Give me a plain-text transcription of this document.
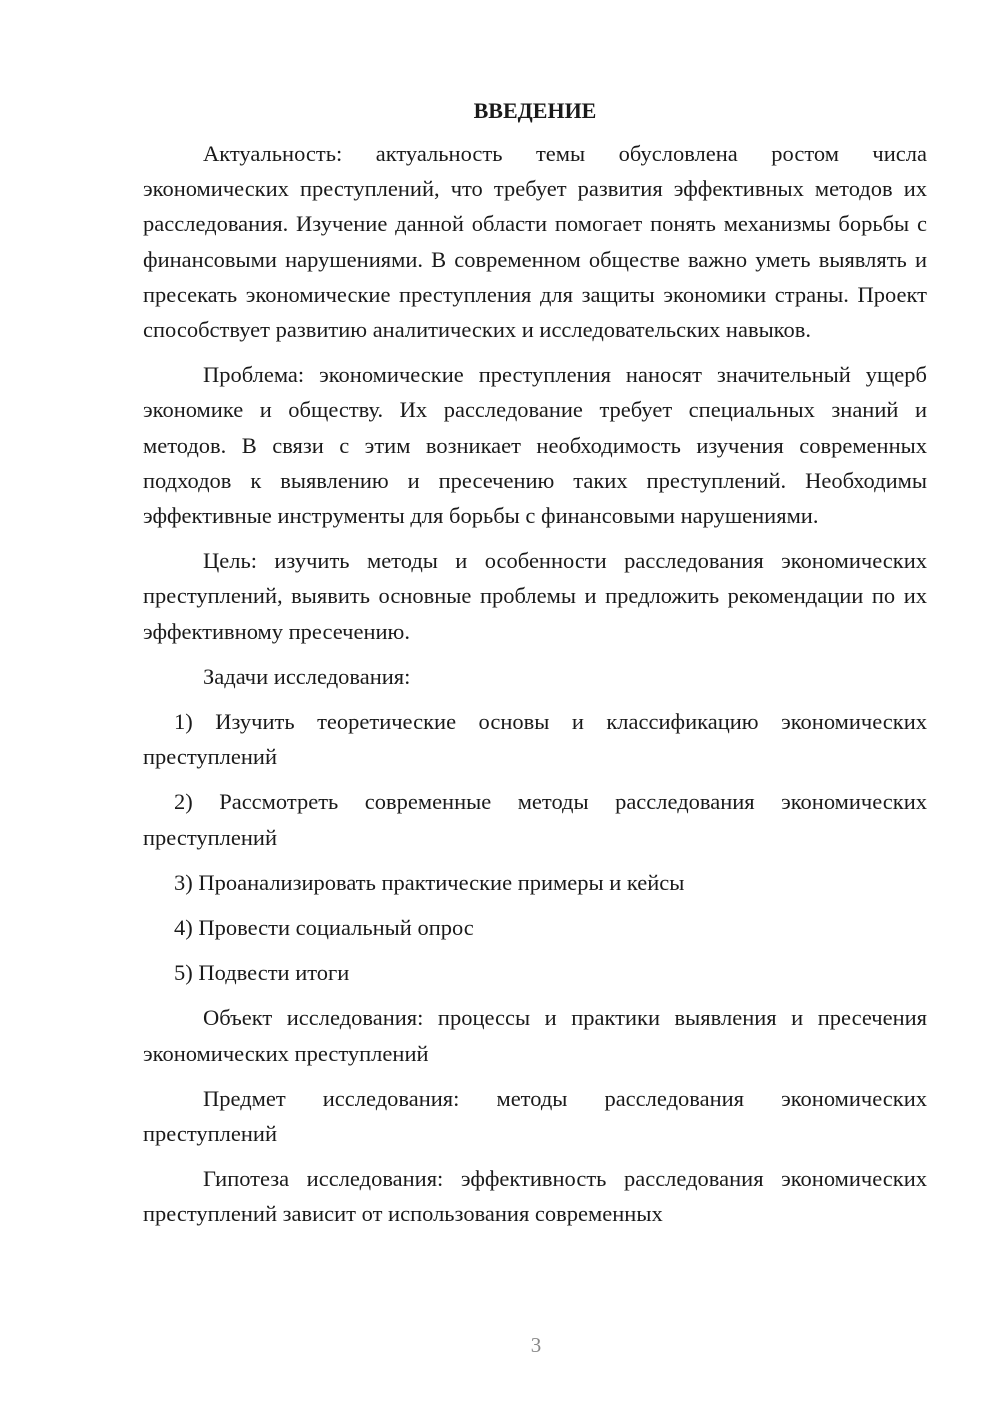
ВВЕДЕНИЕ

Актуальность: актуальность темы обусловлена ростом числа экономических преступлений, что требует развития эффективных методов их расследования. Изучение данной области помогает понять механизмы борьбы с финансовыми нарушениями. В современном обществе важно уметь выявлять и пресекать экономические преступления для защиты экономики страны. Проект способствует развитию аналитических и исследовательских навыков.

Проблема: экономические преступления наносят значительный ущерб экономике и обществу. Их расследование требует специальных знаний и методов. В связи с этим возникает необходимость изучения современных подходов к выявлению и пресечению таких преступлений. Необходимы эффективные инструменты для борьбы с финансовыми нарушениями.

Цель: изучить методы и особенности расследования экономических преступлений, выявить основные проблемы и предложить рекомендации по их эффективному пресечению.

Задачи исследования:

1) Изучить теоретические основы и классификацию экономических преступлений

2) Рассмотреть современные методы расследования экономических преступлений

3) Проанализировать практические примеры и кейсы

4) Провести социальный опрос

5) Подвести итоги

Объект исследования: процессы и практики выявления и пресечения экономических преступлений

Предмет исследования: методы расследования экономических преступлений

Гипотеза исследования: эффективность расследования экономических преступлений зависит от использования современных

3
